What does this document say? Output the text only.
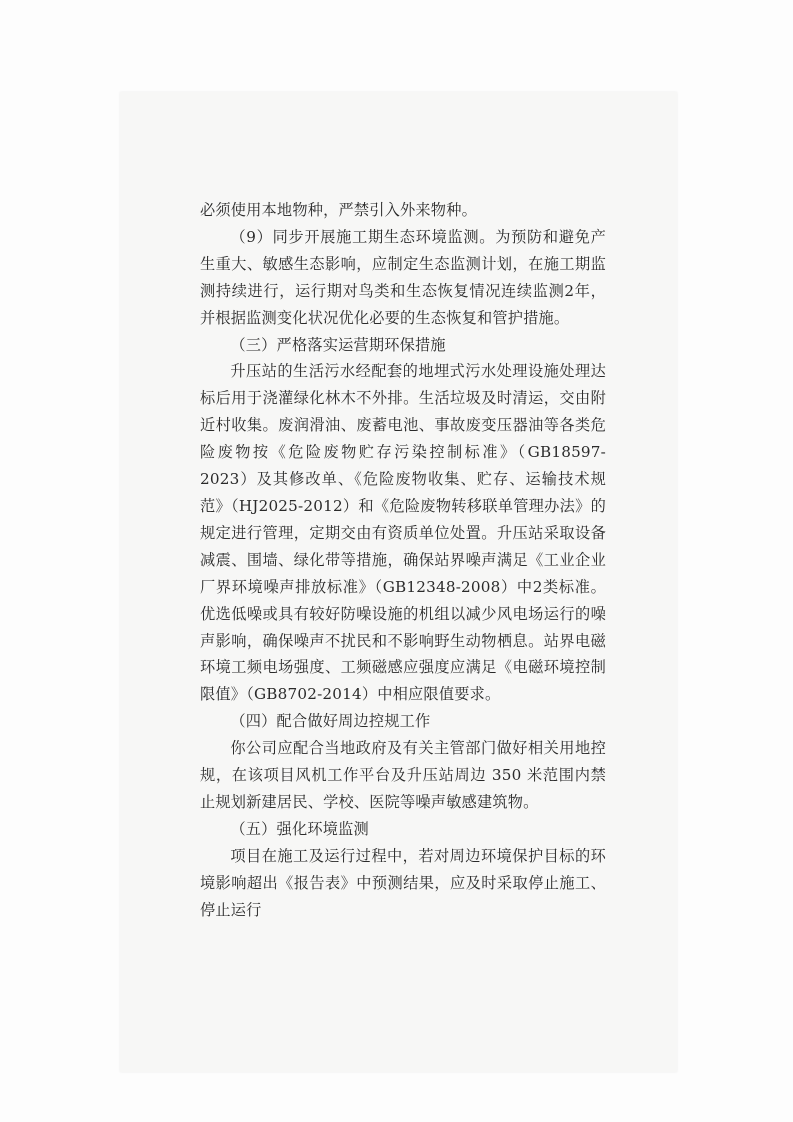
必须使用本地物种，严禁引入外来物种。

（9）同步开展施工期生态环境监测。为预防和避免产生重大、敏感生态影响，应制定生态监测计划，在施工期监测持续进行，运行期对鸟类和生态恢复情况连续监测2年，并根据监测变化状况优化必要的生态恢复和管护措施。

（三）严格落实运营期环保措施

升压站的生活污水经配套的地埋式污水处理设施处理达标后用于浇灌绿化林木不外排。生活垃圾及时清运，交由附近村收集。废润滑油、废蓄电池、事故废变压器油等各类危险废物按《危险废物贮存污染控制标准》（GB18597-2023）及其修改单、《危险废物收集、贮存、运输技术规范》（HJ2025-2012）和《危险废物转移联单管理办法》的规定进行管理，定期交由有资质单位处置。升压站采取设备减震、围墙、绿化带等措施，确保站界噪声满足《工业企业厂界环境噪声排放标准》（GB12348-2008）中2类标准。优选低噪或具有较好防噪设施的机组以减少风电场运行的噪声影响，确保噪声不扰民和不影响野生动物栖息。站界电磁环境工频电场强度、工频磁感应强度应满足《电磁环境控制限值》（GB8702-2014）中相应限值要求。

（四）配合做好周边控规工作

你公司应配合当地政府及有关主管部门做好相关用地控规，在该项目风机工作平台及升压站周边 350 米范围内禁止规划新建居民、学校、医院等噪声敏感建筑物。

（五）强化环境监测

项目在施工及运行过程中，若对周边环境保护目标的环境影响超出《报告表》中预测结果，应及时采取停止施工、停止运行
